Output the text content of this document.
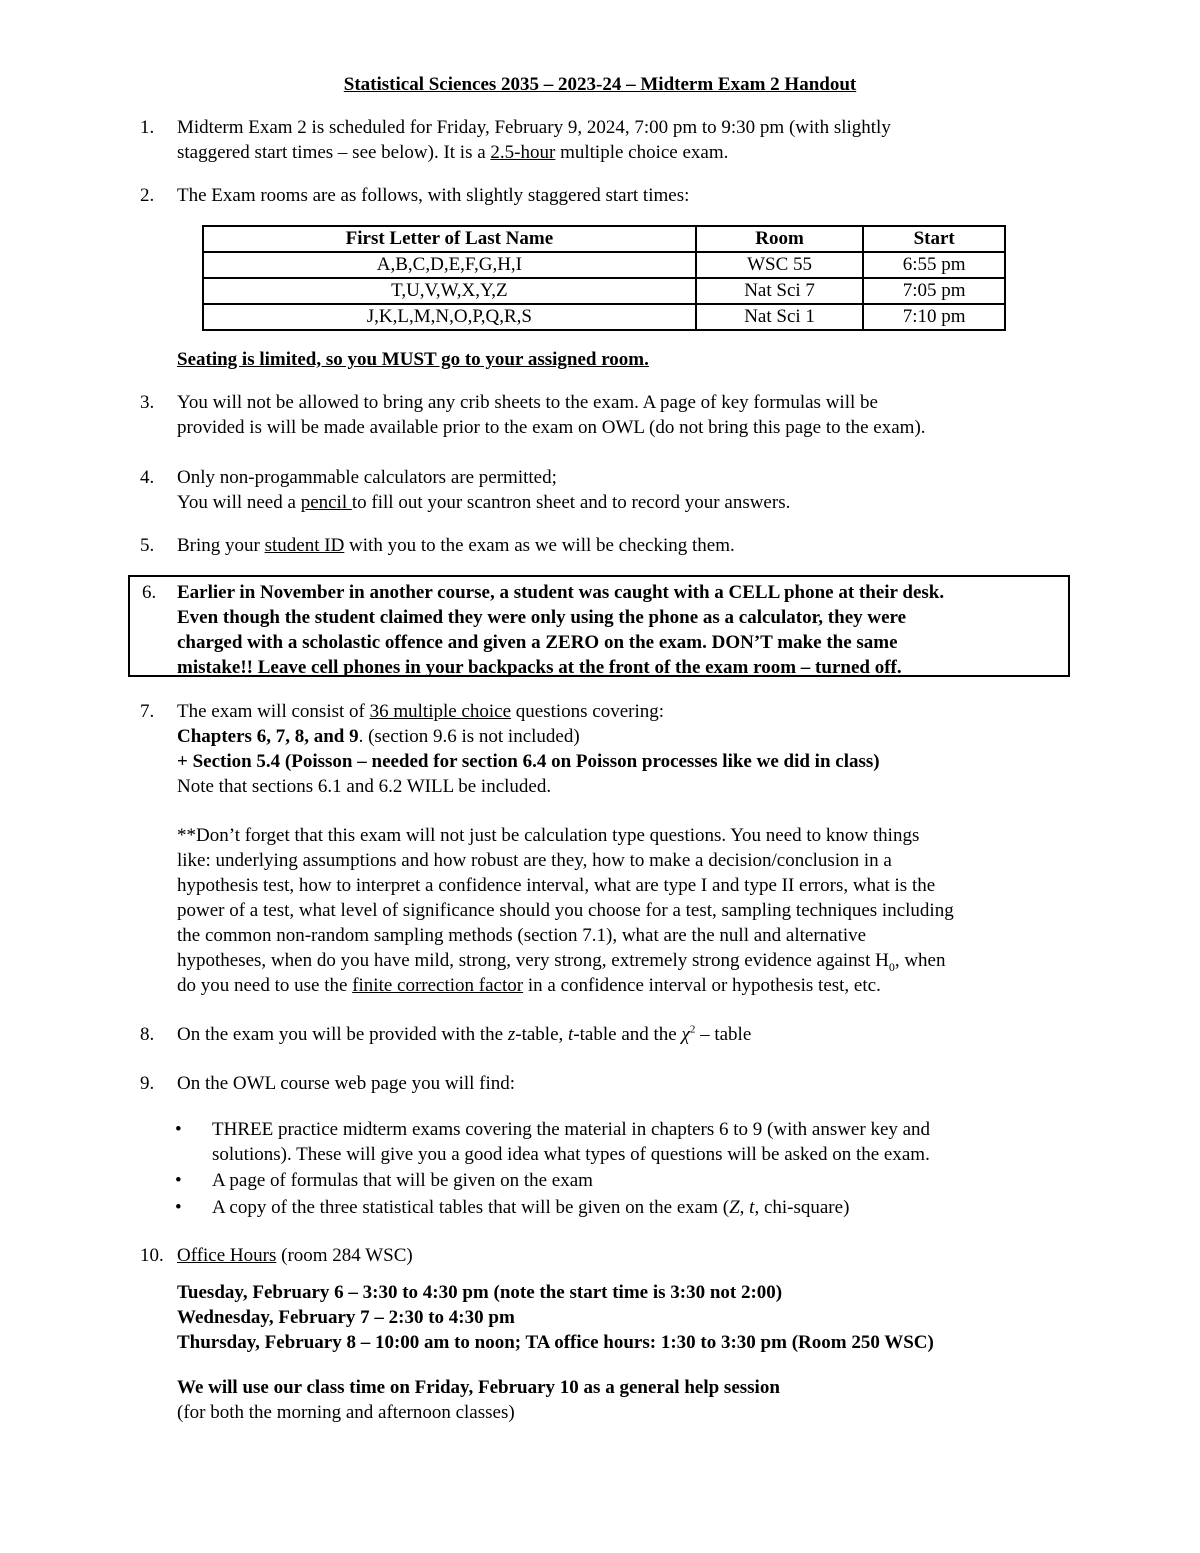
Statistical Sciences 2035 – 2023-24 – Midterm Exam 2 Handout
1.	Midterm Exam 2 is scheduled for Friday, February 9, 2024, 7:00 pm to 9:30 pm (with slightly
staggered start times – see below). It is a 2.5-hour multiple choice exam.
2.	The Exam rooms are as follows, with slightly staggered start times:
First Letter of Last Name	Room	Start
A,B,C,D,E,F,G,H,I	WSC 55	6:55 pm
T,U,V,W,X,Y,Z	Nat Sci 7	7:05 pm
J,K,L,M,N,O,P,Q,R,S	Nat Sci 1	7:10 pm
Seating is limited, so you MUST go to your assigned room.
3.	You will not be allowed to bring any crib sheets to the exam. A page of key formulas will be
provided is will be made available prior to the exam on OWL (do not bring this page to the exam).
4.	Only non-progammable calculators are permitted;
You will need a pencil to fill out your scantron sheet and to record your answers.
5.	Bring your student ID with you to the exam as we will be checking them.
6.	Earlier in November in another course, a student was caught with a CELL phone at their desk.
Even though the student claimed they were only using the phone as a calculator, they were
charged with a scholastic offence and given a ZERO on the exam. DON’T make the same
mistake!! Leave cell phones in your backpacks at the front of the exam room – turned off.
7.	The exam will consist of 36 multiple choice questions covering:
Chapters 6, 7, 8, and 9. (section 9.6 is not included)
+ Section 5.4 (Poisson – needed for section 6.4 on Poisson processes like we did in class)
Note that sections 6.1 and 6.2 WILL be included.
**Don’t forget that this exam will not just be calculation type questions. You need to know things
like: underlying assumptions and how robust are they, how to make a decision/conclusion in a
hypothesis test, how to interpret a confidence interval, what are type I and type II errors, what is the
power of a test, what level of significance should you choose for a test, sampling techniques including
the common non-random sampling methods (section 7.1), what are the null and alternative
hypotheses, when do you have mild, strong, very strong, extremely strong evidence against $H_0$, when
do you need to use the finite correction factor in a confidence interval or hypothesis test, etc.
8.	On the exam you will be provided with the z-table, t-table and the $\chi^2$ – table
9.	On the OWL course web page you will find:
•	THREE practice midterm exams covering the material in chapters 6 to 9 (with answer key and
solutions). These will give you a good idea what types of questions will be asked on the exam.
•	A page of formulas that will be given on the exam
•	A copy of the three statistical tables that will be given on the exam (Z, t, chi-square)
10. Office Hours (room 284 WSC)
Tuesday, February 6 – 3:30 to 4:30 pm (note the start time is 3:30 not 2:00)
Wednesday, February 7 – 2:30 to 4:30 pm
Thursday, February 8 – 10:00 am to noon; TA office hours: 1:30 to 3:30 pm (Room 250 WSC)
We will use our class time on Friday, February 10 as a general help session
(for both the morning and afternoon classes)
